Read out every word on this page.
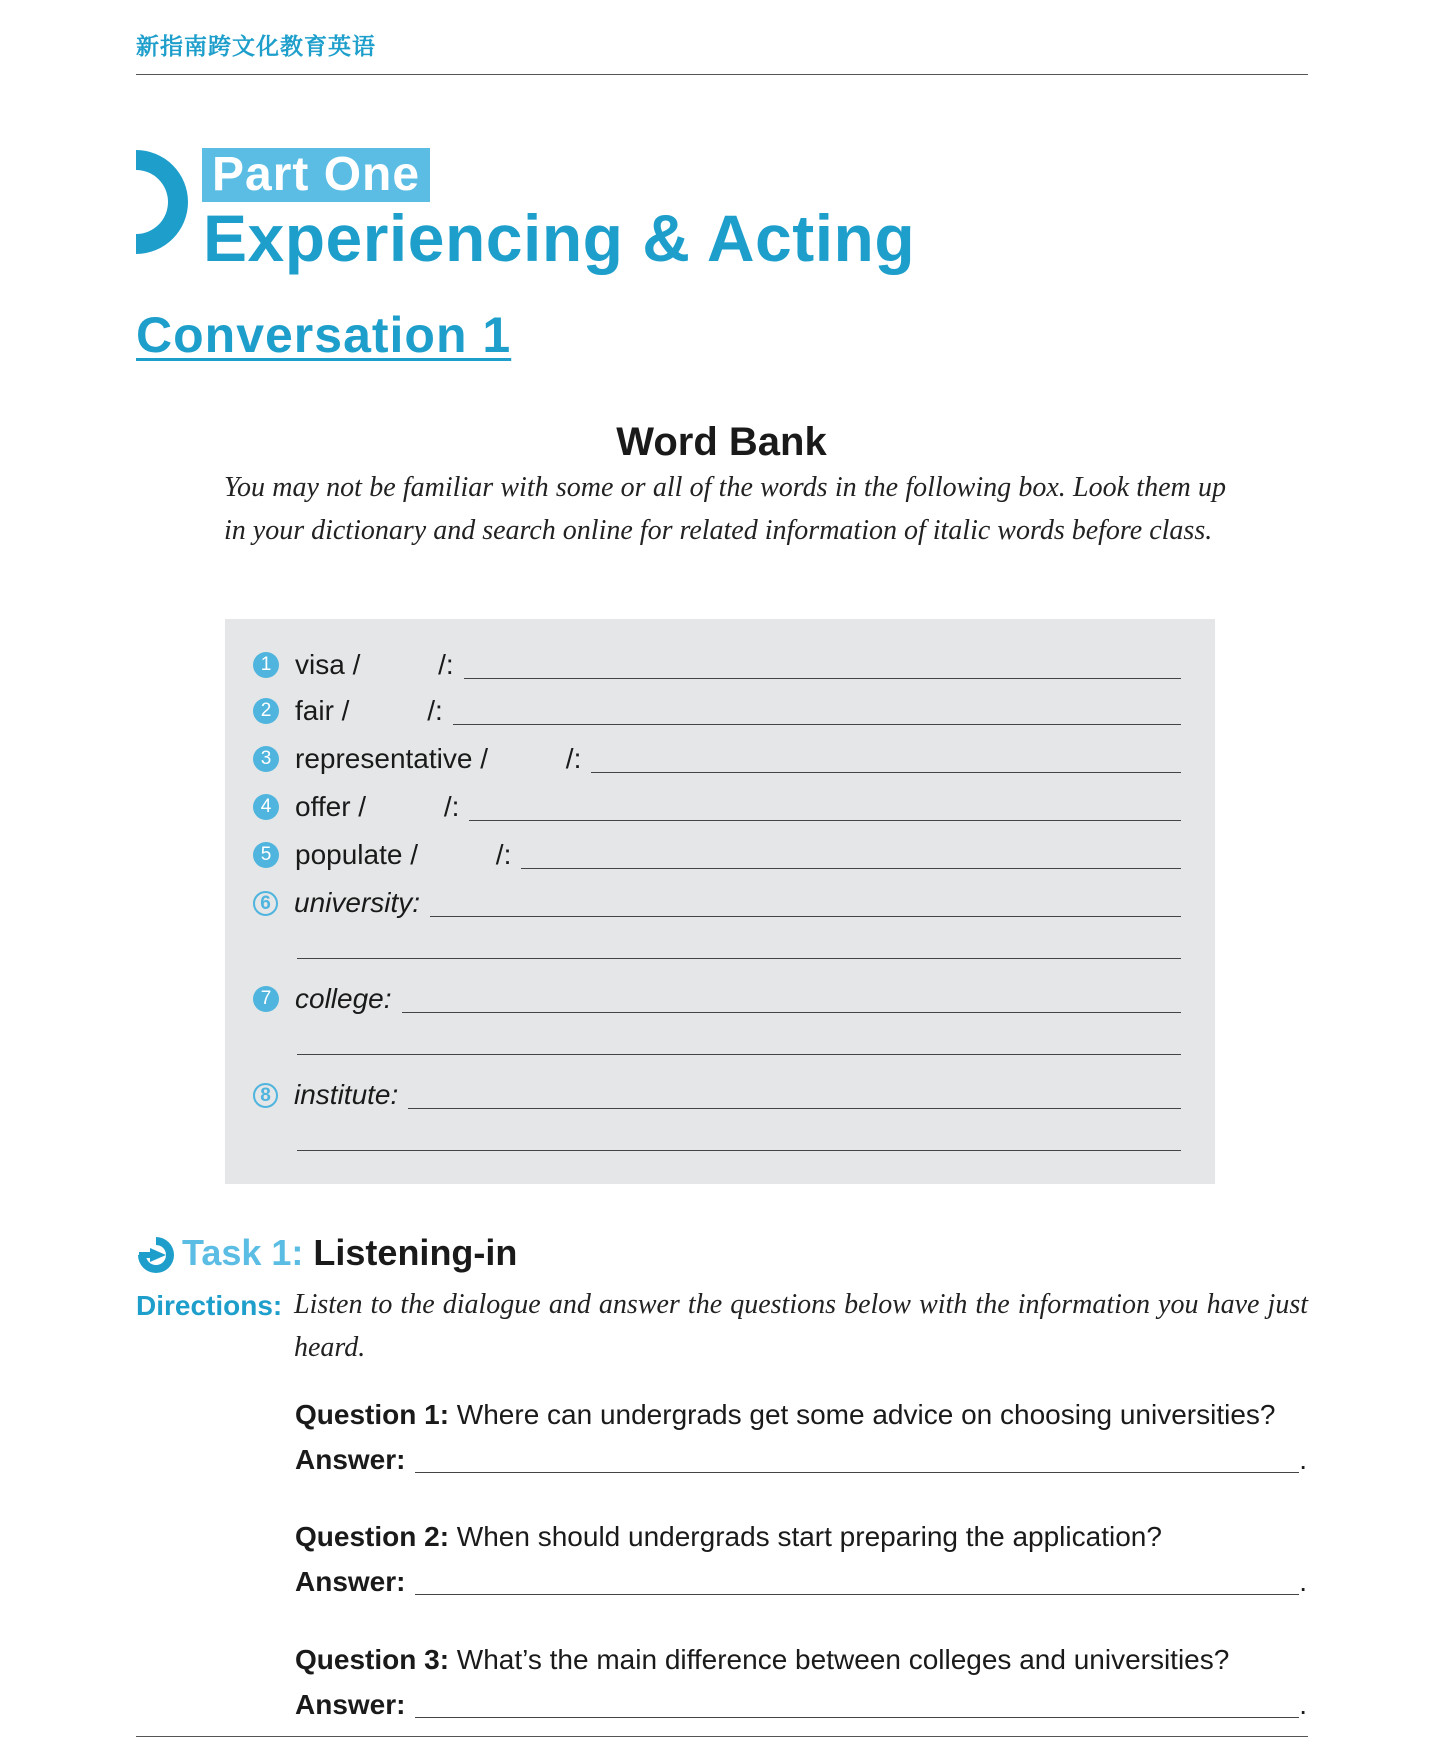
新指南跨文化教育英语
Part One
Experiencing & Acting
Conversation 1
Word Bank
You may not be familiar with some or all of the words in the following box. Look them up in your dictionary and search online for related information of italic words before class.
1 visa /          /:
2 fair /          /:
3 representative /          /:
4 offer /          /:
5 populate /          /:
6 university:
7 college:
8 institute:
Task 1: Listening-in
Directions: Listen to the dialogue and answer the questions below with the information you have just heard.
Question 1: Where can undergrads get some advice on choosing universities?
Answer:	.
Question 2: When should undergrads start preparing the application?
Answer:	.
Question 3: What’s the main difference between colleges and universities?
Answer:	.
